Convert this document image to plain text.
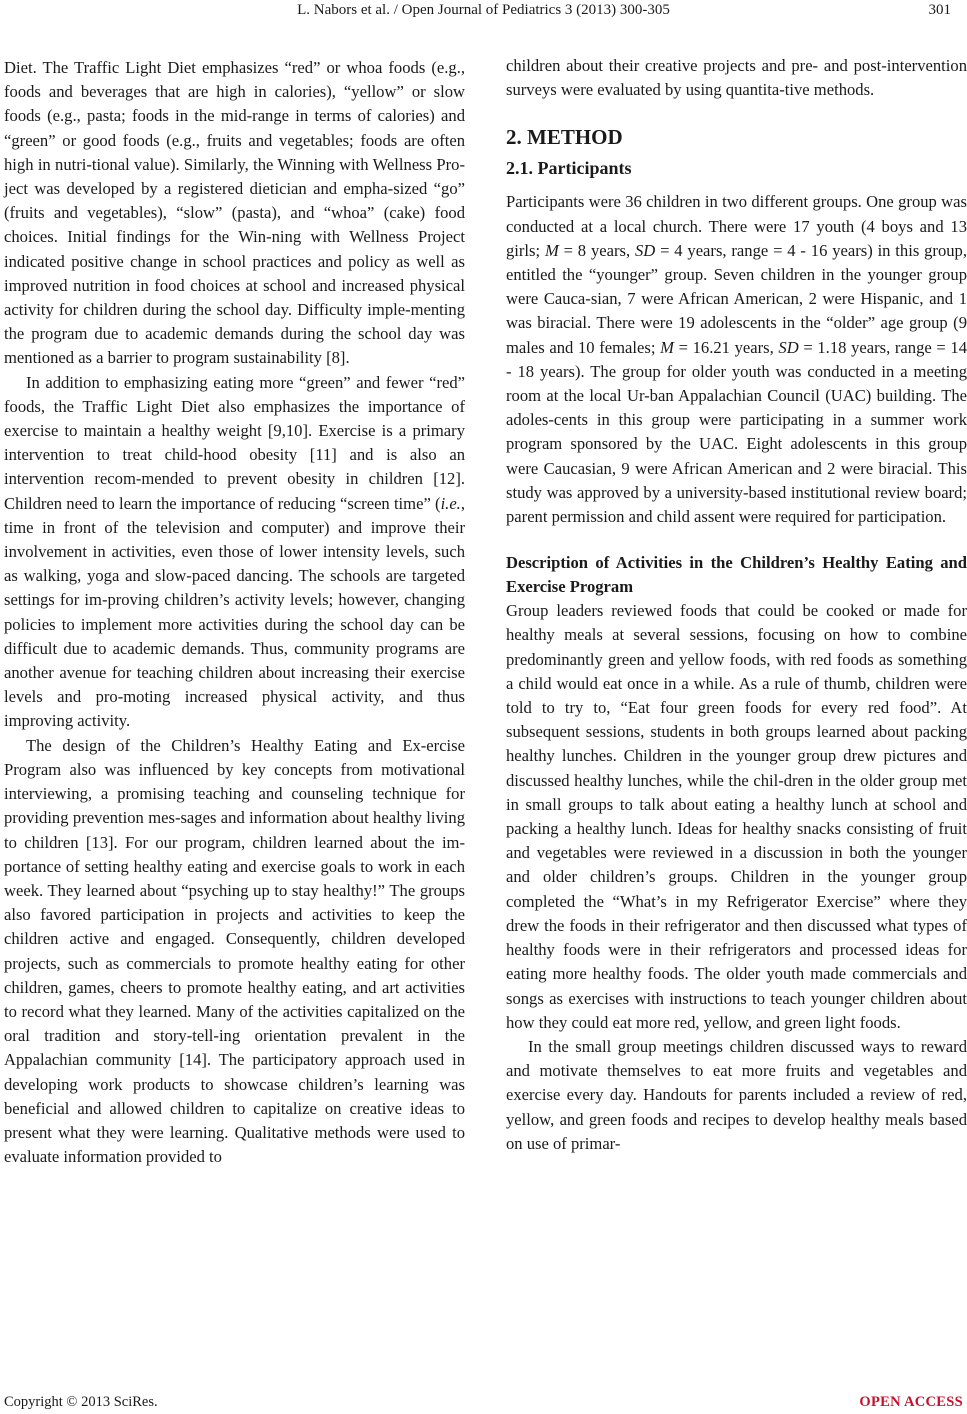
L. Nabors et al. / Open Journal of Pediatrics 3 (2013) 300-305	301

Diet. The Traffic Light Diet emphasizes “red” or whoa foods (e.g., foods and beverages that are high in calories), “yellow” or slow foods (e.g., pasta; foods in the mid-range in terms of calories) and “green” or good foods (e.g., fruits and vegetables; foods are often high in nutri-tional value). Similarly, the Winning with Wellness Pro-ject was developed by a registered dietician and empha-sized “go” (fruits and vegetables), “slow” (pasta), and “whoa” (cake) food choices. Initial findings for the Win-ning with Wellness Project indicated positive change in school practices and policy as well as improved nutrition in food choices at school and increased physical activity for children during the school day. Difficulty imple-menting the program due to academic demands during the school day was mentioned as a barrier to program sustainability [8].

In addition to emphasizing eating more “green” and fewer “red” foods, the Traffic Light Diet also emphasizes the importance of exercise to maintain a healthy weight [9,10]. Exercise is a primary intervention to treat child-hood obesity [11] and is also an intervention recom-mended to prevent obesity in children [12]. Children need to learn the importance of reducing “screen time” (i.e., time in front of the television and computer) and improve their involvement in activities, even those of lower intensity levels, such as walking, yoga and slow-paced dancing. The schools are targeted settings for im-proving children’s activity levels; however, changing policies to implement more activities during the school day can be difficult due to academic demands. Thus, community programs are another avenue for teaching children about increasing their exercise levels and pro-moting increased physical activity, and thus improving activity.

The design of the Children’s Healthy Eating and Ex-ercise Program also was influenced by key concepts from motivational interviewing, a promising teaching and counseling technique for providing prevention mes-sages and information about healthy living to children [13]. For our program, children learned about the im-portance of setting healthy eating and exercise goals to work in each week. They learned about “psyching up to stay healthy!” The groups also favored participation in projects and activities to keep the children active and engaged. Consequently, children developed projects, such as commercials to promote healthy eating for other children, games, cheers to promote healthy eating, and art activities to record what they learned. Many of the activities capitalized on the oral tradition and story-tell-ing orientation prevalent in the Appalachian community [14]. The participatory approach used in developing work products to showcase children’s learning was beneficial and allowed children to capitalize on creative ideas to present what they were learning. Qualitative methods were used to evaluate information provided to

children about their creative projects and pre- and post-intervention surveys were evaluated by using quantita-tive methods.

2. METHOD
2.1. Participants

Participants were 36 children in two different groups. One group was conducted at a local church. There were 17 youth (4 boys and 13 girls; M = 8 years, SD = 4 years, range = 4 - 16 years) in this group, entitled the “younger” group. Seven children in the younger group were Cauca-sian, 7 were African American, 2 were Hispanic, and 1 was biracial. There were 19 adolescents in the “older” age group (9 males and 10 females; M = 16.21 years, SD = 1.18 years, range = 14 - 18 years). The group for older youth was conducted in a meeting room at the local Ur-ban Appalachian Council (UAC) building. The adoles-cents in this group were participating in a summer work program sponsored by the UAC. Eight adolescents in this group were Caucasian, 9 were African American and 2 were biracial. This study was approved by a university-based institutional review board; parent permission and child assent were required for participation.

Description of Activities in the Children’s Healthy Eating and Exercise Program

Group leaders reviewed foods that could be cooked or made for healthy meals at several sessions, focusing on how to combine predominantly green and yellow foods, with red foods as something a child would eat once in a while. As a rule of thumb, children were told to try to, “Eat four green foods for every red food”. At subsequent sessions, students in both groups learned about packing healthy lunches. Children in the younger group drew pictures and discussed healthy lunches, while the chil-dren in the older group met in small groups to talk about eating a healthy lunch at school and packing a healthy lunch. Ideas for healthy snacks consisting of fruit and vegetables were reviewed in a discussion in both the younger and older children’s groups. Children in the younger group completed the “What’s in my Refrigerator Exercise” where they drew the foods in their refrigerator and then discussed what types of healthy foods were in their refrigerators and processed ideas for eating more healthy foods. The older youth made commercials and songs as exercises with instructions to teach younger children about how they could eat more red, yellow, and green light foods.

In the small group meetings children discussed ways to reward and motivate themselves to eat more fruits and vegetables and exercise every day. Handouts for parents included a review of red, yellow, and green foods and recipes to develop healthy meals based on use of primar-

Copyright © 2013 SciRes.	OPEN ACCESS
